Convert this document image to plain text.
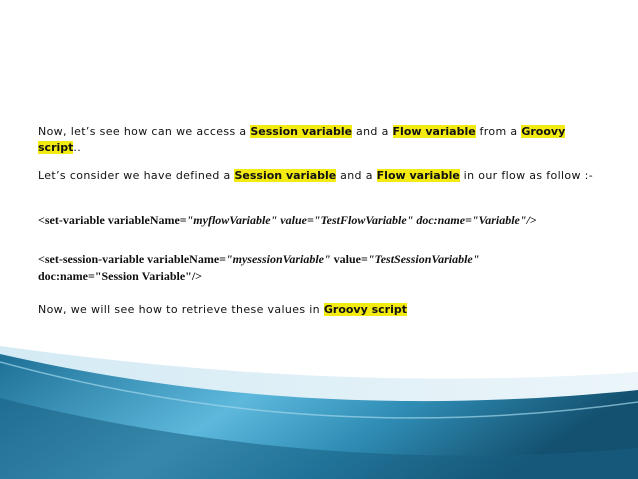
Now, let’s see how can we access a Session variable and a Flow variable from a Groovy
script..

Let’s consider we have defined a Session variable and a Flow variable in our flow as follow :-

<set-variable variableName="myflowVariable" value="TestFlowVariable" doc:name="Variable"/>

<set-session-variable variableName="mysessionVariable" value="TestSessionVariable"
doc:name="Session Variable"/>

Now, we will see how to retrieve these values in Groovy script
